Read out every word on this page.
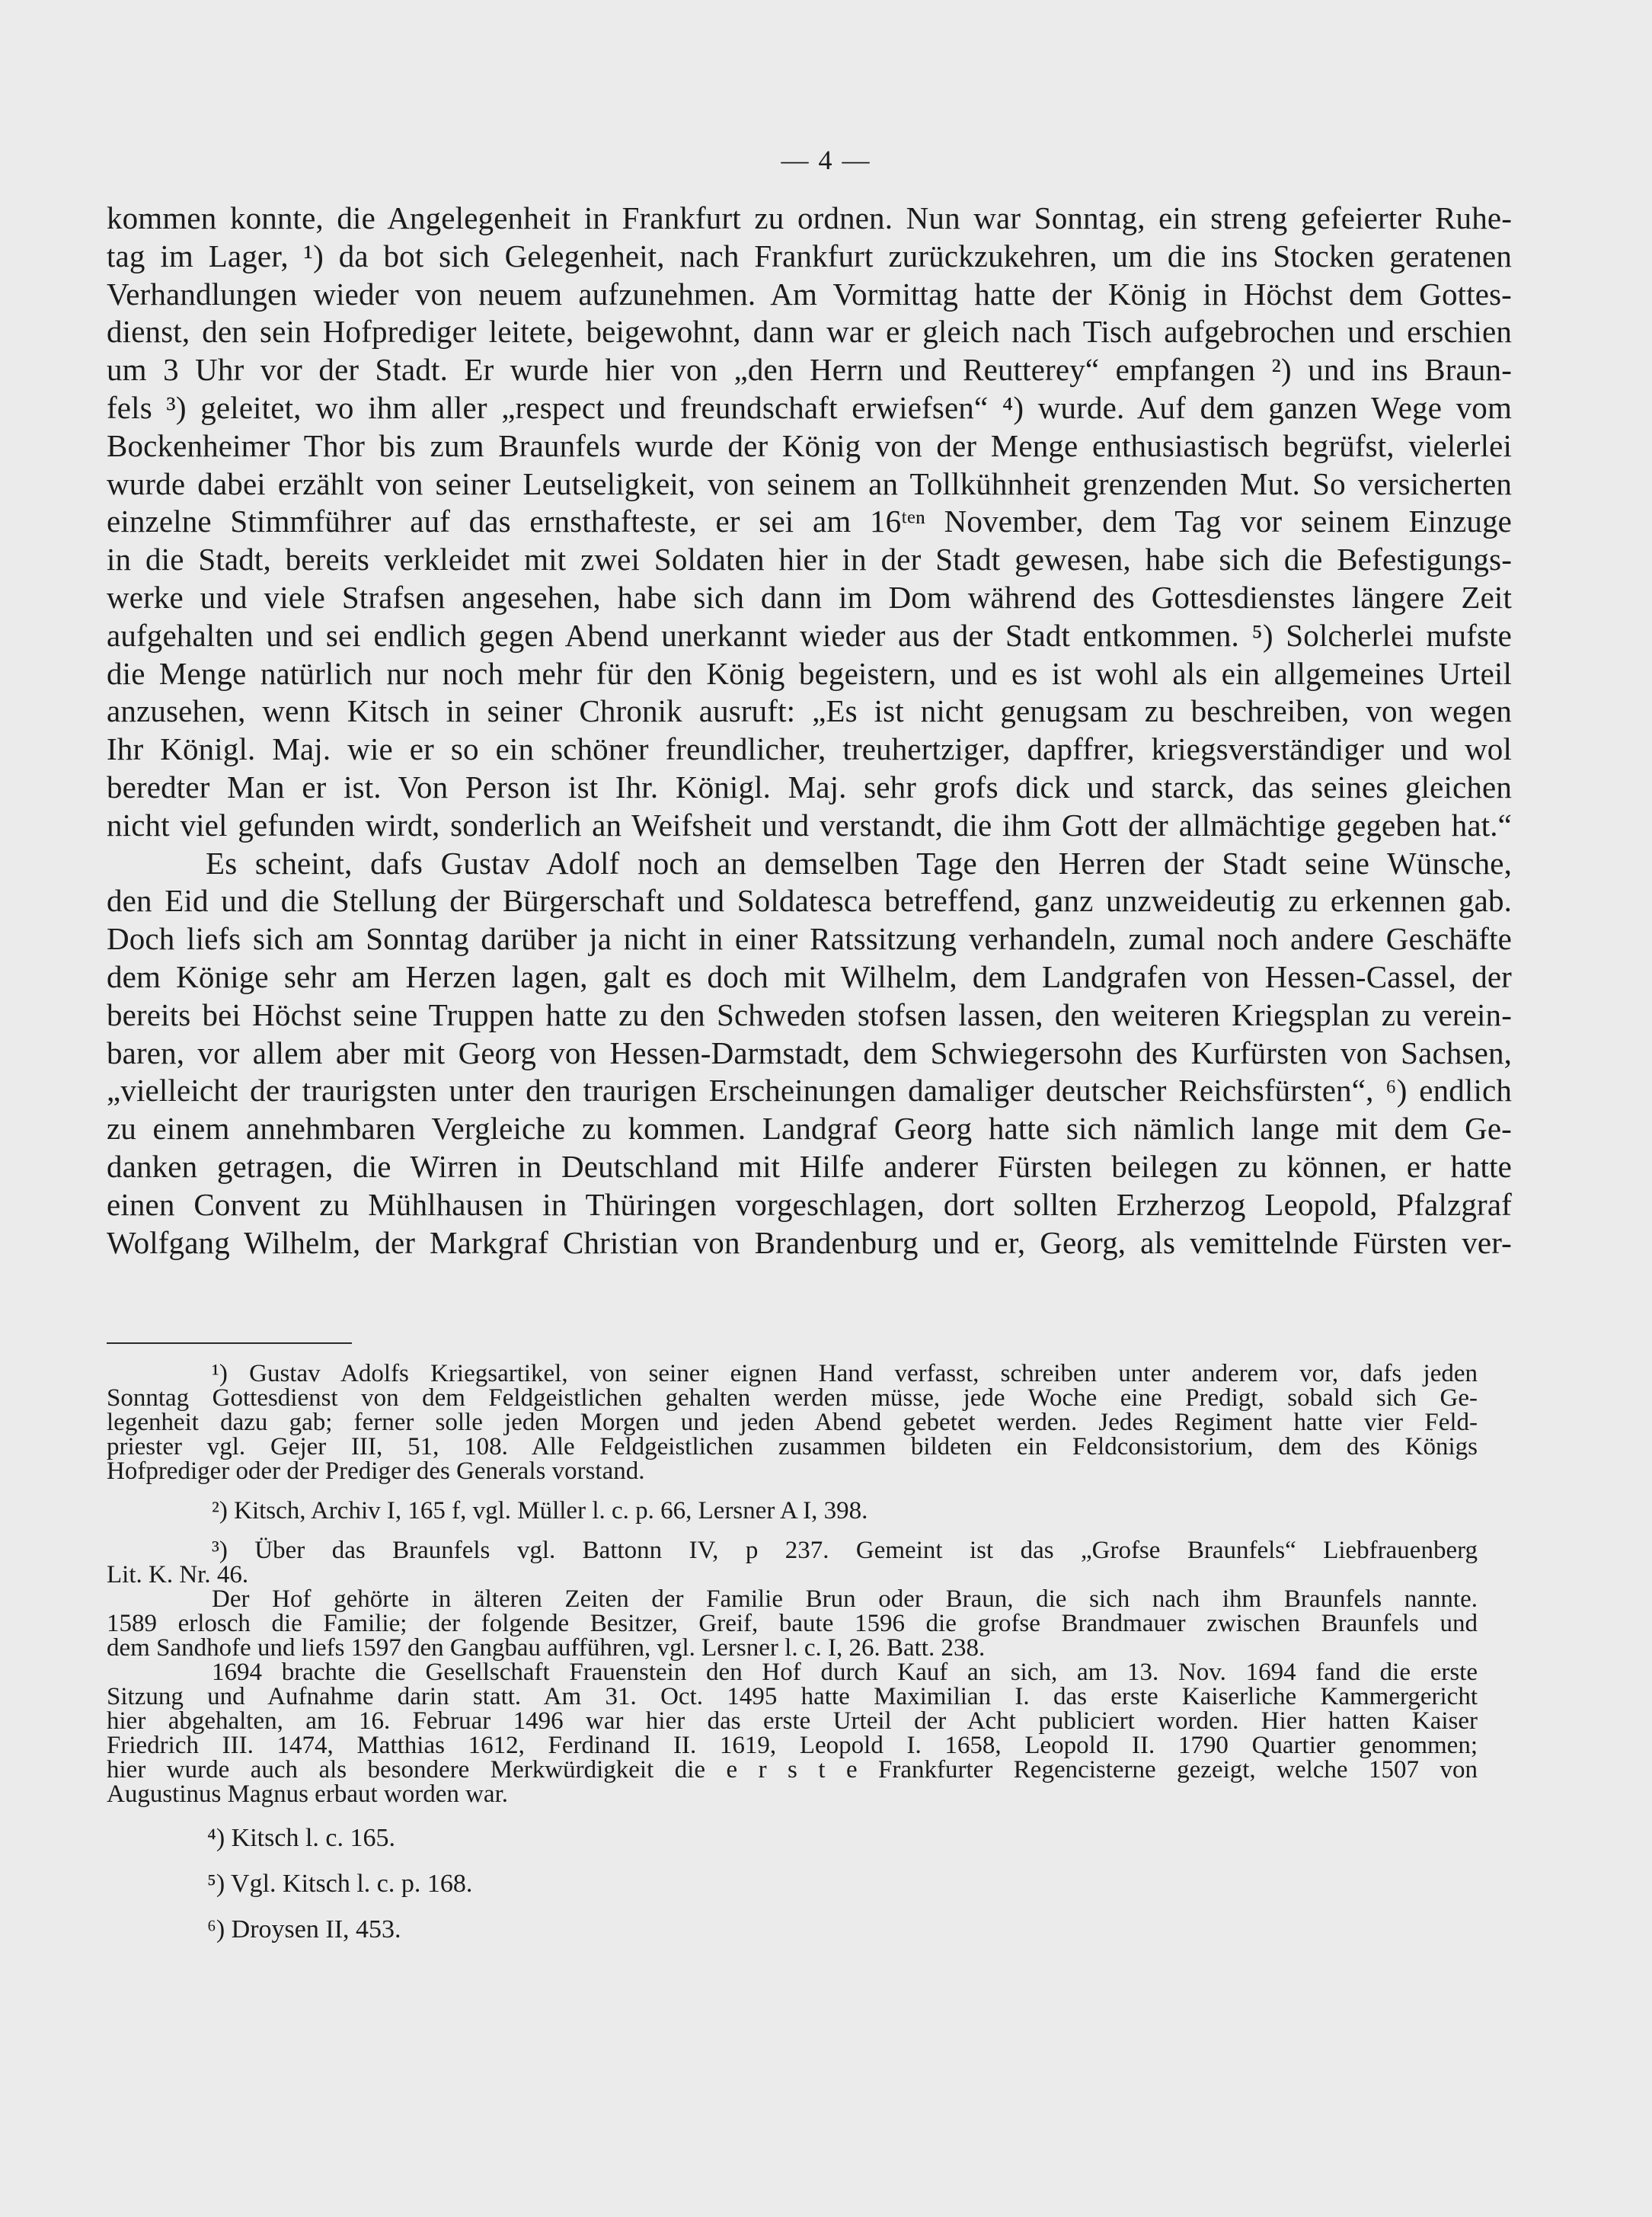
— 4 —
kommen konnte, die Angelegenheit in Frankfurt zu ordnen. Nun war Sonntag, ein streng gefeierter Ruhe-
tag im Lager, ¹) da bot sich Gelegenheit, nach Frankfurt zurückzukehren, um die ins Stocken geratenen
Verhandlungen wieder von neuem aufzunehmen. Am Vormittag hatte der König in Höchst dem Gottes-
dienst, den sein Hofprediger leitete, beigewohnt, dann war er gleich nach Tisch aufgebrochen und erschien
um 3 Uhr vor der Stadt. Er wurde hier von „den Herrn und Reutterey“ empfangen ²) und ins Braun-
fels ³) geleitet, wo ihm aller „respect und freundschaft erwiefsen“ ⁴) wurde. Auf dem ganzen Wege vom
Bockenheimer Thor bis zum Braunfels wurde der König von der Menge enthusiastisch begrüfst, vielerlei
wurde dabei erzählt von seiner Leutseligkeit, von seinem an Tollkühnheit grenzenden Mut. So versicherten
einzelne Stimmführer auf das ernsthafteste, er sei am 16ᵗᵉⁿ November, dem Tag vor seinem Einzuge
in die Stadt, bereits verkleidet mit zwei Soldaten hier in der Stadt gewesen, habe sich die Befestigungs-
werke und viele Strafsen angesehen, habe sich dann im Dom während des Gottesdienstes längere Zeit
aufgehalten und sei endlich gegen Abend unerkannt wieder aus der Stadt entkommen. ⁵) Solcherlei mufste
die Menge natürlich nur noch mehr für den König begeistern, und es ist wohl als ein allgemeines Urteil
anzusehen, wenn Kitsch in seiner Chronik ausruft: „Es ist nicht genugsam zu beschreiben, von wegen
Ihr Königl. Maj. wie er so ein schöner freundlicher, treuhertziger, dapffrer, kriegsverständiger und wol
beredter Man er ist. Von Person ist Ihr. Königl. Maj. sehr grofs dick und starck, das seines gleichen
nicht viel gefunden wirdt, sonderlich an Weifsheit und verstandt, die ihm Gott der allmächtige gegeben hat.“
Es scheint, dafs Gustav Adolf noch an demselben Tage den Herren der Stadt seine Wünsche,
den Eid und die Stellung der Bürgerschaft und Soldatesca betreffend, ganz unzweideutig zu erkennen gab.
Doch liefs sich am Sonntag darüber ja nicht in einer Ratssitzung verhandeln, zumal noch andere Geschäfte
dem Könige sehr am Herzen lagen, galt es doch mit Wilhelm, dem Landgrafen von Hessen-Cassel, der
bereits bei Höchst seine Truppen hatte zu den Schweden stofsen lassen, den weiteren Kriegsplan zu verein-
baren, vor allem aber mit Georg von Hessen-Darmstadt, dem Schwiegersohn des Kurfürsten von Sachsen,
„vielleicht der traurigsten unter den traurigen Erscheinungen damaliger deutscher Reichsfürsten“, ⁶) endlich
zu einem annehmbaren Vergleiche zu kommen. Landgraf Georg hatte sich nämlich lange mit dem Ge-
danken getragen, die Wirren in Deutschland mit Hilfe anderer Fürsten beilegen zu können, er hatte
einen Convent zu Mühlhausen in Thüringen vorgeschlagen, dort sollten Erzherzog Leopold, Pfalzgraf
Wolfgang Wilhelm, der Markgraf Christian von Brandenburg und er, Georg, als vemittelnde Fürsten ver-
¹) Gustav Adolfs Kriegsartikel, von seiner eignen Hand verfasst, schreiben unter anderem vor, dafs jeden
Sonntag Gottesdienst von dem Feldgeistlichen gehalten werden müsse, jede Woche eine Predigt, sobald sich Ge-
legenheit dazu gab; ferner solle jeden Morgen und jeden Abend gebetet werden. Jedes Regiment hatte vier Feld-
priester vgl. Gejer III, 51, 108. Alle Feldgeistlichen zusammen bildeten ein Feldconsistorium, dem des Königs
Hofprediger oder der Prediger des Generals vorstand.
²) Kitsch, Archiv I, 165 f, vgl. Müller l. c. p. 66, Lersner A I, 398.
³) Über das Braunfels vgl. Battonn IV, p 237. Gemeint ist das „Grofse Braunfels“ Liebfrauenberg
Lit. K. Nr. 46.
Der Hof gehörte in älteren Zeiten der Familie Brun oder Braun, die sich nach ihm Braunfels nannte.
1589 erlosch die Familie; der folgende Besitzer, Greif, baute 1596 die grofse Brandmauer zwischen Braunfels und
dem Sandhofe und liefs 1597 den Gangbau aufführen, vgl. Lersner l. c. I, 26. Batt. 238.
1694 brachte die Gesellschaft Frauenstein den Hof durch Kauf an sich, am 13. Nov. 1694 fand die erste
Sitzung und Aufnahme darin statt. Am 31. Oct. 1495 hatte Maximilian I. das erste Kaiserliche Kammergericht
hier abgehalten, am 16. Februar 1496 war hier das erste Urteil der Acht publiciert worden. Hier hatten Kaiser
Friedrich III. 1474, Matthias 1612, Ferdinand II. 1619, Leopold I. 1658, Leopold II. 1790 Quartier genommen;
hier wurde auch als besondere Merkwürdigkeit die e r s t e Frankfurter Regencisterne gezeigt, welche 1507 von
Augustinus Magnus erbaut worden war.
⁴) Kitsch l. c. 165.
⁵) Vgl. Kitsch l. c. p. 168.
⁶) Droysen II, 453.
